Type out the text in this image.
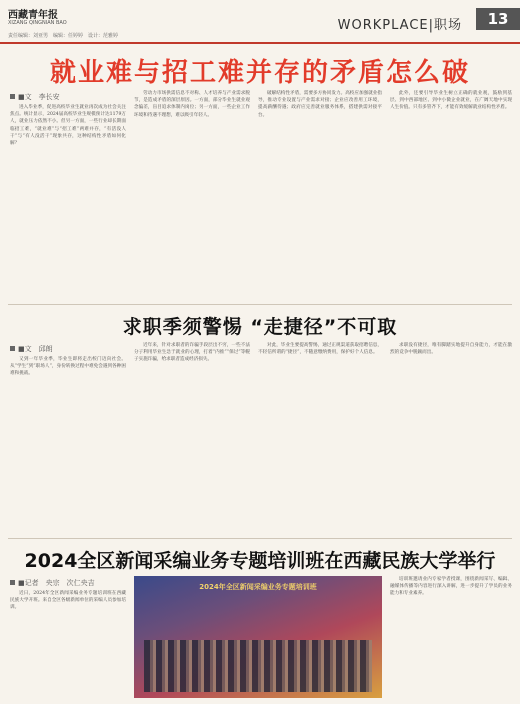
西藏青年报
XIZANG QINGNIAN BAO
责任编辑：刘亚男　编辑：任婷婷　设计：范雅婷
WORKPLACE|职场	13
就业难与招工难并存的矛盾怎么破
■文　李长安

进入毕业季，促进高校毕业生就业再次成为社会关注焦点。统计显示，2024届高校毕业生规模预计达1179万人，就业压力依然不小。但另一方面，一些行业却长期面临招工难，“就业难”与“招工难”两难并存，“有活没人干”与“有人没活干”现象共存，这种结构性矛盾如何化解？

劳动力市场供需信息不对称、人才培养与产业需求脱节，是造成矛盾的深层原因。一方面，部分毕业生就业观念偏差，盲目追求体制内岗位；另一方面，一些企业工作环境和待遇不理想，难以吸引年轻人。

破解结构性矛盾，需要多方协同发力。高校应加强就业指导，推动专业设置与产业需求对接；企业应改善用工环境，提高薪酬待遇；政府应完善就业服务体系，搭建供需对接平台。

此外，还要引导毕业生树立正确的就业观，鼓励到基层、到中西部地区、到中小微企业就业，在广阔天地中实现人生价值。只有多管齐下，才能有效缓解就业结构性矛盾。

求职季须警惕 “走捷径”不可取
■文　邱朗

又到一年毕业季，毕业生即将走出校门迈向社会。从“学生”到“职场人”，身份转换过程中难免会遇到各种困难和挑战。

近年来，针对求职者的诈骗手段层出不穷，一些不法分子利用毕业生急于就业的心理，打着“内推”“保过”等幌子实施诈骗，给求职者造成经济损失。

对此，毕业生要提高警惕，通过正规渠道获取招聘信息，不轻信所谓的“捷径”，不随意缴纳费用，保护好个人信息。

求职没有捷径，唯有脚踏实地提升自身能力，才能在激烈的竞争中脱颖而出。

2024全区新闻采编业务专题培训班在西藏民族大学举行
■记者　央宗　次仁央吉

近日，2024年全区新闻采编业务专题培训班在西藏民族大学开班。来自全区各级新闻单位的采编人员参加培训。

2024年全区新闻采编业务专题培训班

培训班邀请业内专家学者授课，围绕新闻采写、编辑、融媒体传播等内容进行深入讲解，进一步提升了学员的业务能力和专业素养。
